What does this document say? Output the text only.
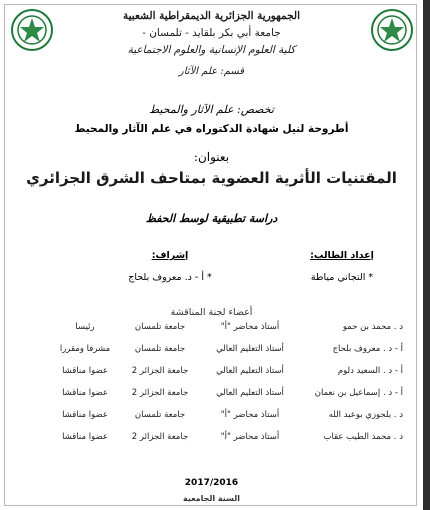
الجمهورية الجزائرية الديمقراطية الشعبية
جامعة أبي بكر بلقايد - تلمسان -
كلية العلوم الإنسانية والعلوم الاجتماعية
قسم: علم الآثار
تخصص: علم الآثار والمحيط
أطروحة لنيل شهادة الدكتوراه في علم الآثار والمحيط
بعنوان:
المقتنيات الأثرية العضوية بمتاحف الشرق الجزائري
دراسة تطبيقية لوسط الحفظ
إعداد الطالب:
إشراف:
* التجاني مياطة
* أ - د. معروف بلحاج
أعضاء لجنة المناقشة
د . محمد بن حمو
أستاذ محاضر "أ"
جامعة تلمسان
رئيسا
أ - د . معروف بلحاج
أستاذ التعليم العالي
جامعة تلمسان
مشرفا ومقررا
أ - د . السعيد دلوم
أستاذ التعليم العالي
جامعة الجزائر 2
عضوا مناقشا
أ - د . إسماعيل بن نعمان
أستاذ التعليم العالي
جامعة الجزائر 2
عضوا مناقشا
د . بلجوزي بوعبد الله
أستاذ محاضر "أ"
جامعة تلمسان
عضوا مناقشا
د . محمد الطيب عقاب
أستاذ محاضر "أ"
جامعة الجزائر 2
عضوا مناقشا
2017/2016
السنة الجامعية
